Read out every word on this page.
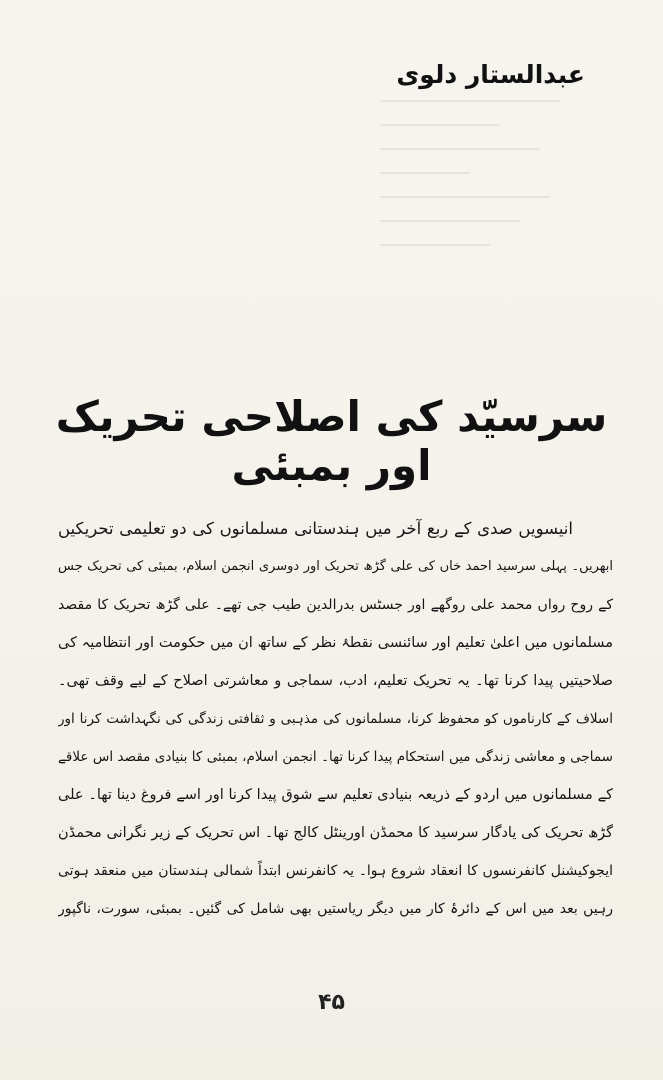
عبدالستار دلوی
سرسیّد کی اصلاحی تحریک اور بمبئی
انیسویں صدی کے ربع آخر میں ہندستانی مسلمانوں کی دو تعلیمی تحریکیں
ابھریں۔ پہلی سرسید احمد خاں کی علی گڑھ تحریک اور دوسری انجمن اسلام، بمبئی کی تحریک جس
کے روح رواں محمد علی روگھے اور جسٹس بدرالدین طیب جی تھے۔ علی گڑھ تحریک کا مقصد
مسلمانوں میں اعلیٰ تعلیم اور سائنسی نقطۂ نظر کے ساتھ ان میں حکومت اور انتظامیہ کی
صلاحیتیں پیدا کرنا تھا۔ یہ تحریک تعلیم، ادب، سماجی و معاشرتی اصلاح کے لیے وقف تھی۔
اسلاف کے کارناموں کو محفوظ کرنا، مسلمانوں کی مذہبی و ثقافتی زندگی کی نگہداشت کرنا اور
سماجی و معاشی زندگی میں استحکام پیدا کرنا تھا۔ انجمن اسلام، بمبئی کا بنیادی مقصد اس علاقے
کے مسلمانوں میں اردو کے ذریعہ بنیادی تعلیم سے شوق پیدا کرنا اور اسے فروغ دینا تھا۔ علی
گڑھ تحریک کی یادگار سرسید کا محمڈن اورینٹل کالج تھا۔ اس تحریک کے زیر نگرانی محمڈن
ایجوکیشنل کانفرنسوں کا انعقاد شروع ہوا۔ یہ کانفرنس ابتداً شمالی ہندستان میں منعقد ہوتی
رہیں بعد میں اس کے دائرۂ کار میں دیگر ریاستیں بھی شامل کی گئیں۔ بمبئی، سورت، ناگپور
۴۵
